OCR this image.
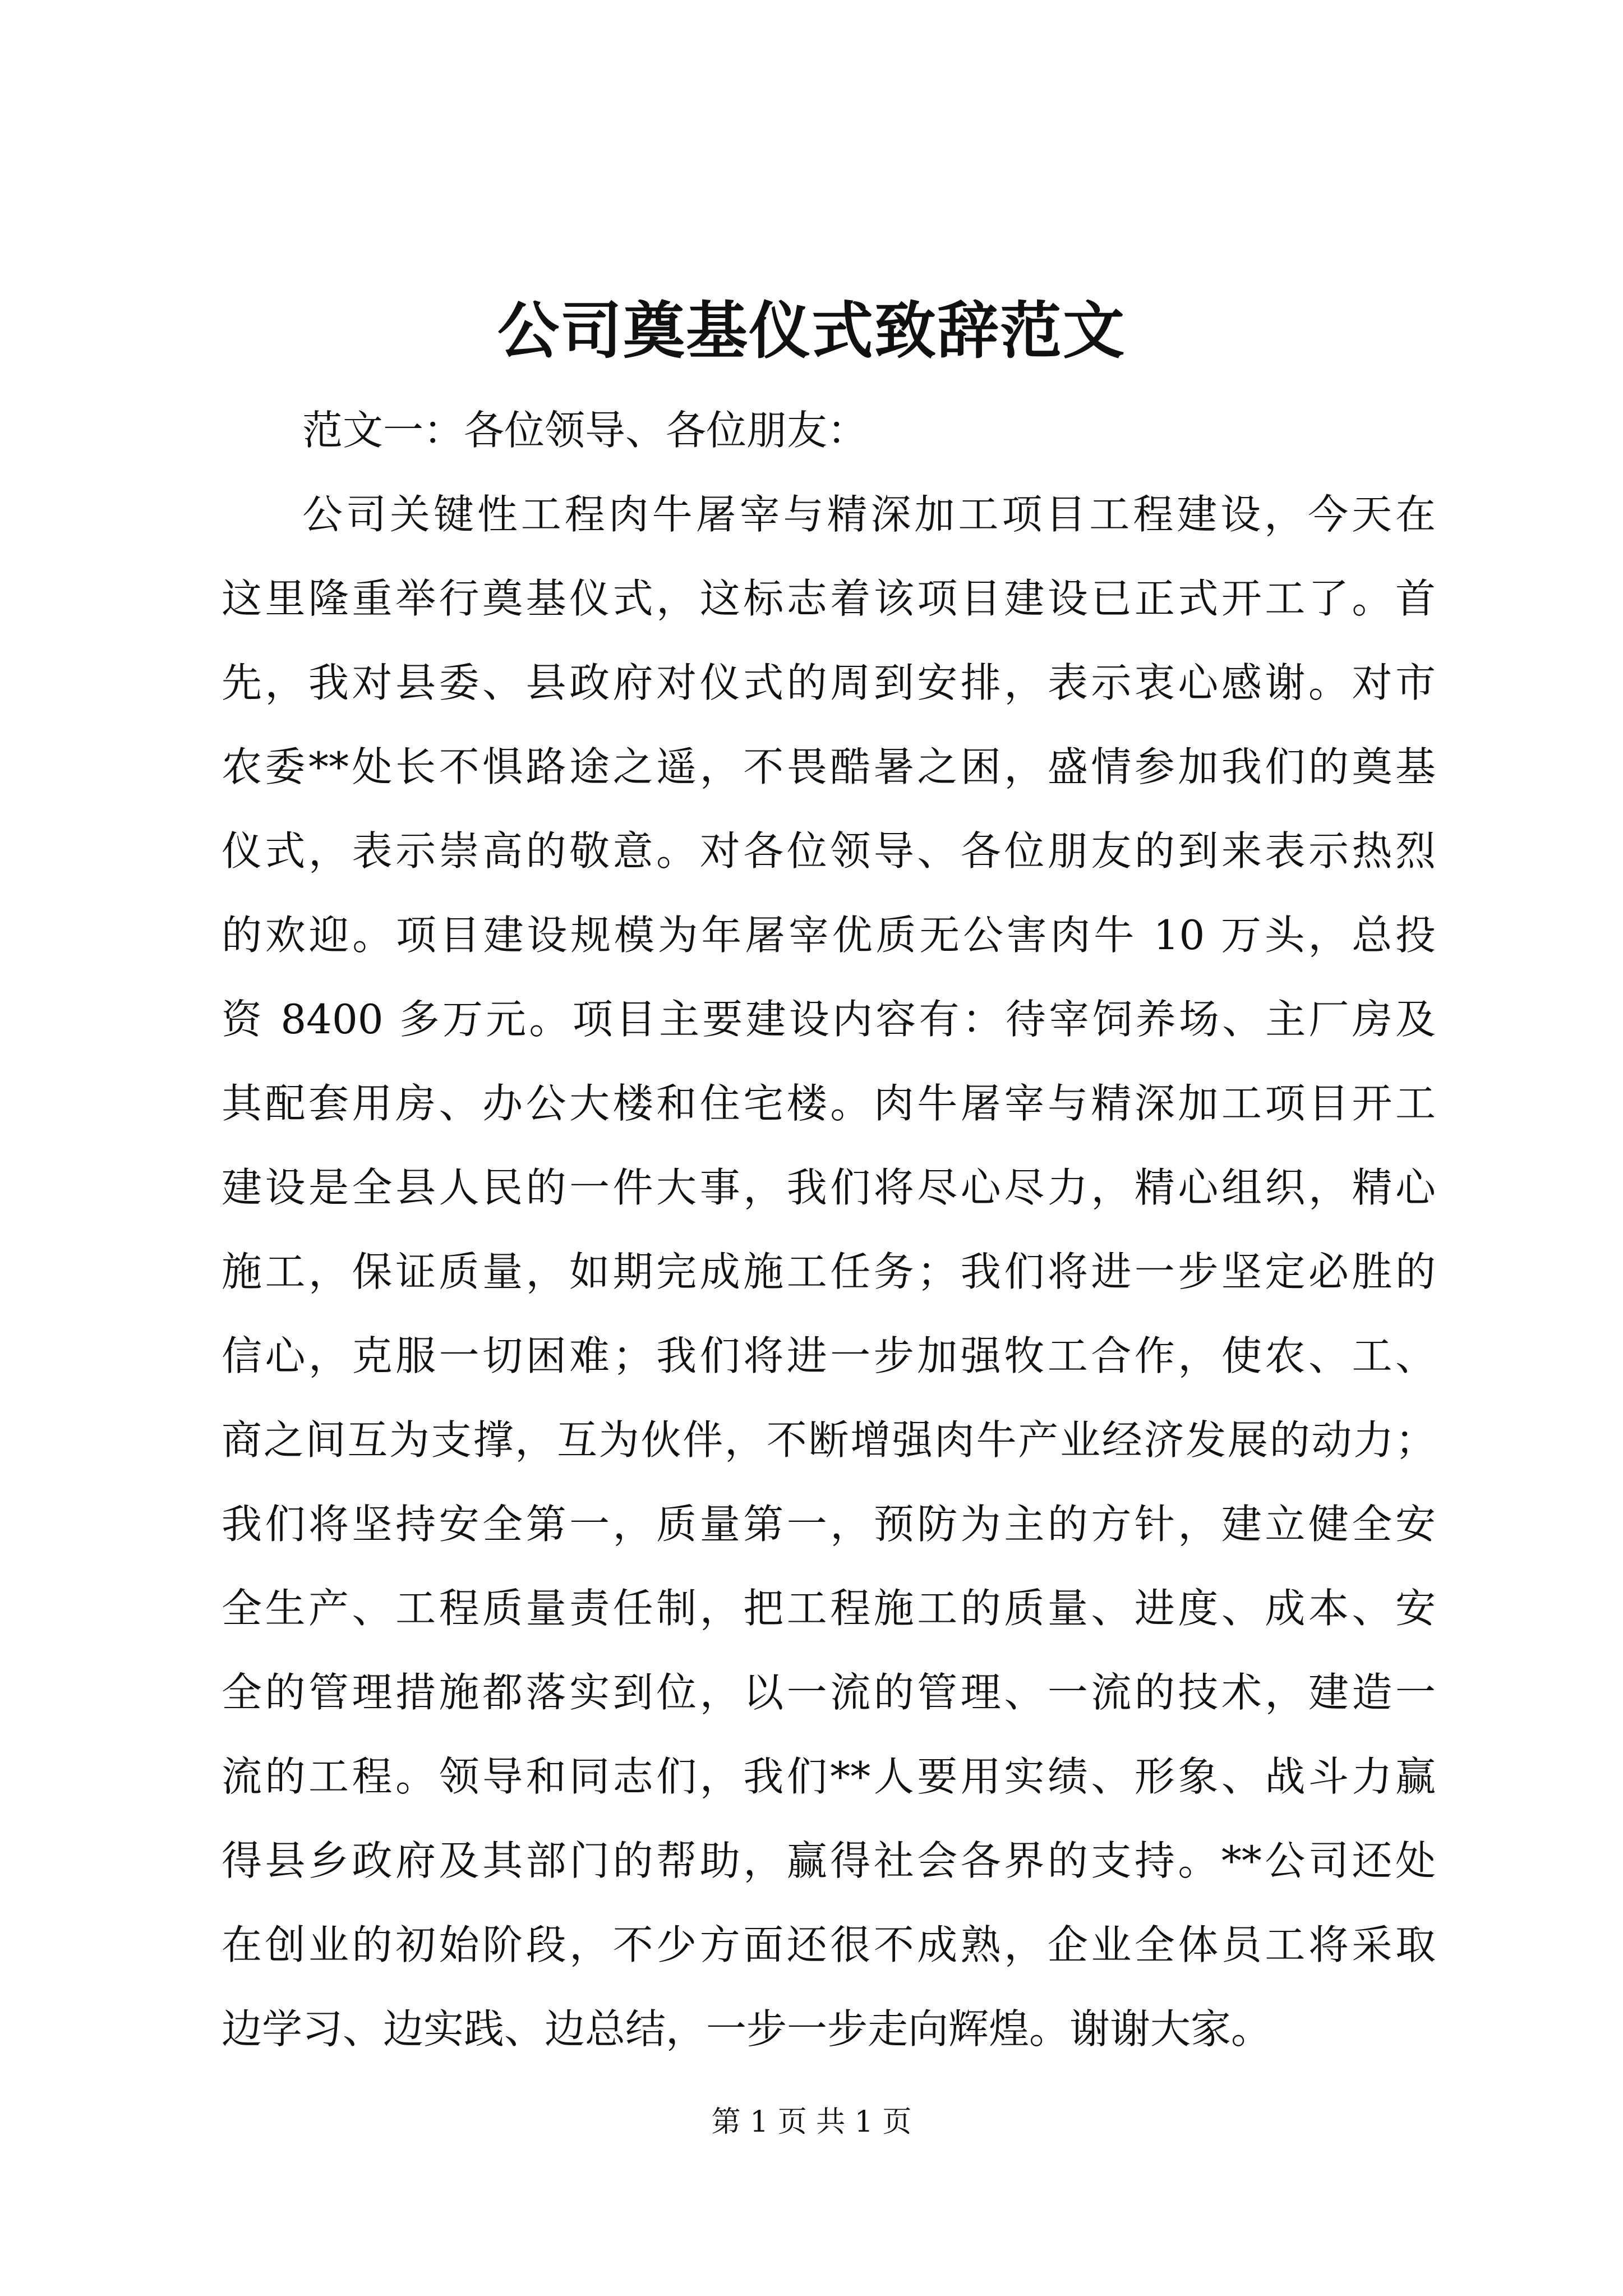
公司奠基仪式致辞范文
范文一：各位领导、各位朋友：
公司关键性工程肉牛屠宰与精深加工项目工程建设，今天在
这里隆重举行奠基仪式，这标志着该项目建设已正式开工了。首
先，我对县委、县政府对仪式的周到安排，表示衷心感谢。对市
农委**处长不惧路途之遥，不畏酷暑之困，盛情参加我们的奠基
仪式，表示崇高的敬意。对各位领导、各位朋友的到来表示热烈
的欢迎。项目建设规模为年屠宰优质无公害肉牛 10 万头，总投
资 8400 多万元。项目主要建设内容有：待宰饲养场、主厂房及
其配套用房、办公大楼和住宅楼。肉牛屠宰与精深加工项目开工
建设是全县人民的一件大事，我们将尽心尽力，精心组织，精心
施工，保证质量，如期完成施工任务；我们将进一步坚定必胜的
信心，克服一切困难；我们将进一步加强牧工合作，使农、工、
商之间互为支撑，互为伙伴，不断增强肉牛产业经济发展的动力；
我们将坚持安全第一，质量第一，预防为主的方针，建立健全安
全生产、工程质量责任制，把工程施工的质量、进度、成本、安
全的管理措施都落实到位，以一流的管理、一流的技术，建造一
流的工程。领导和同志们，我们**人要用实绩、形象、战斗力赢
得县乡政府及其部门的帮助，赢得社会各界的支持。**公司还处
在创业的初始阶段，不少方面还很不成熟，企业全体员工将采取
边学习、边实践、边总结，一步一步走向辉煌。谢谢大家。
第 1 页 共 1 页
